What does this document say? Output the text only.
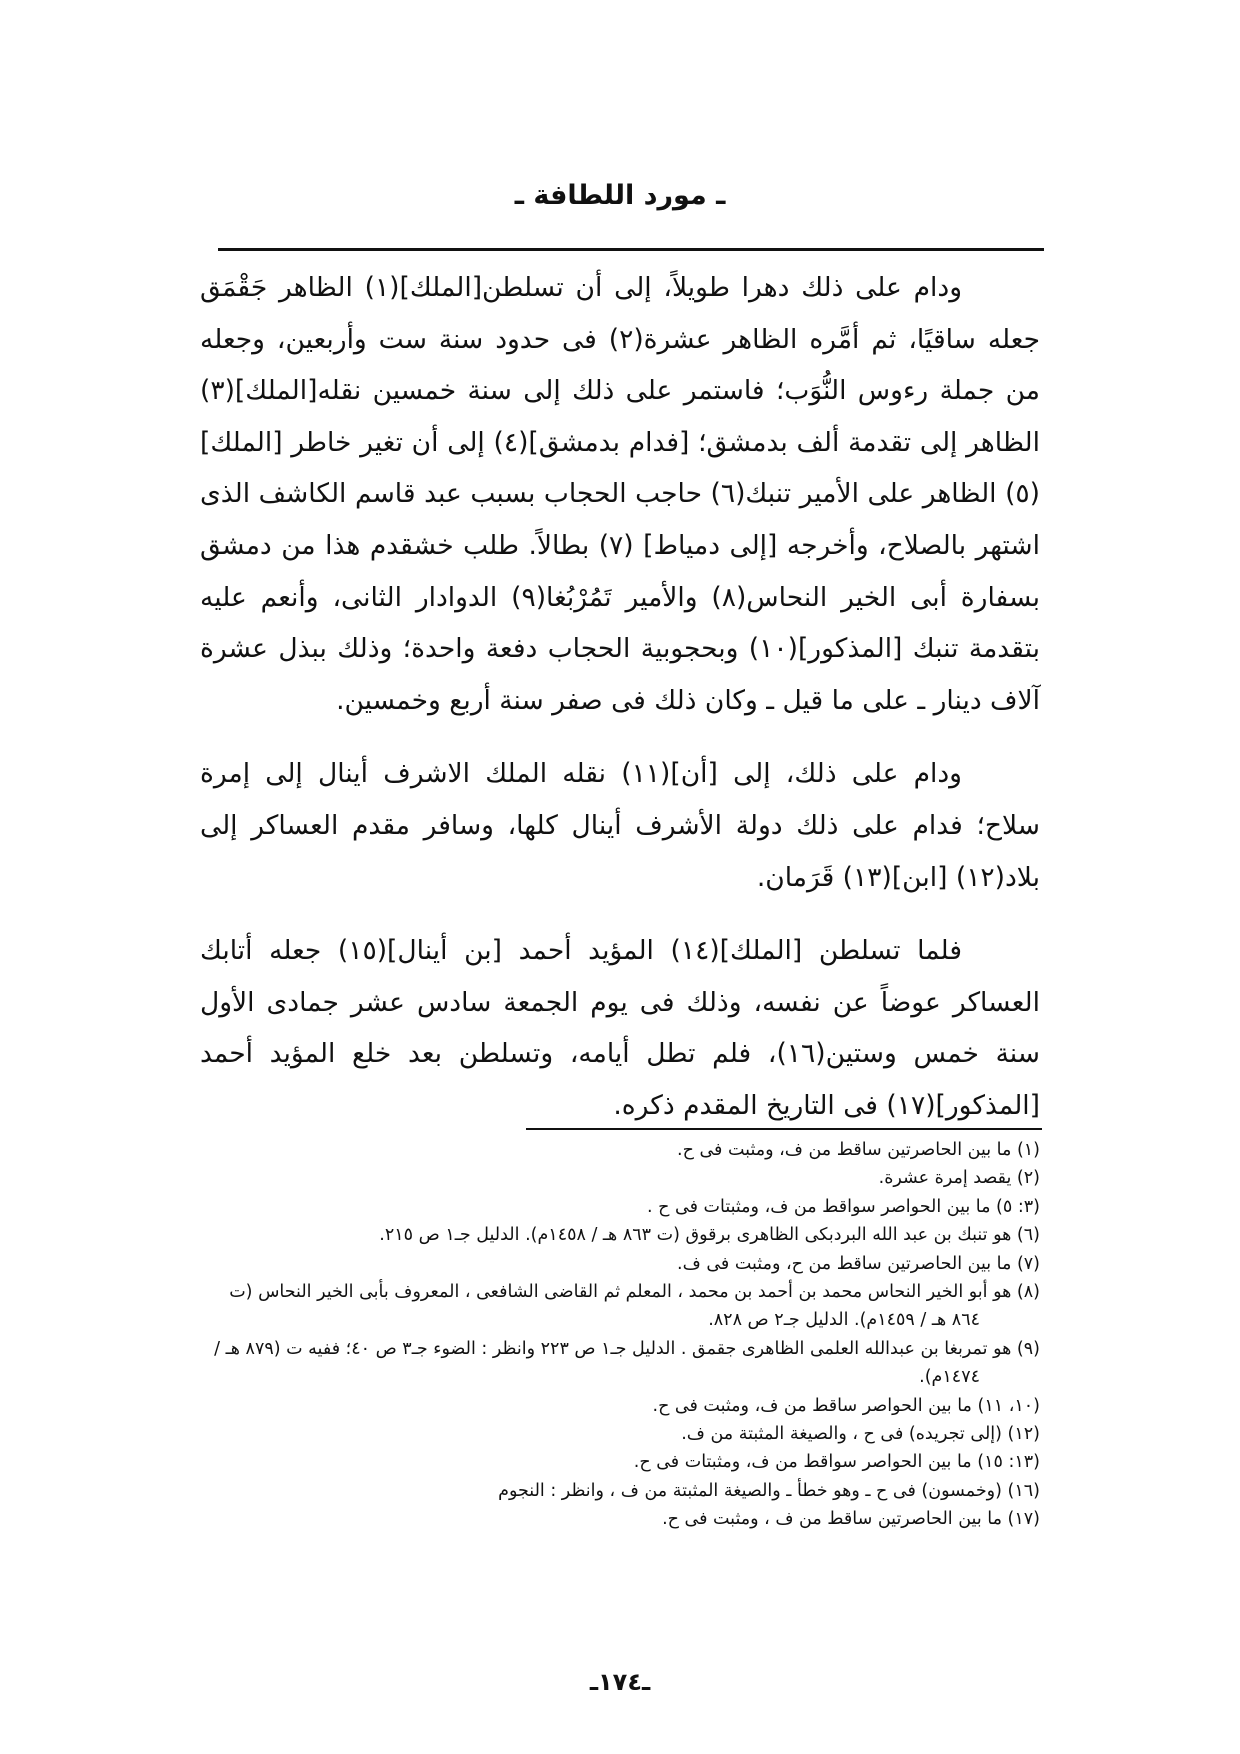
ـ مورد اللطافة ـ

ودام على ذلك دهرا طويلاً، إلى أن تسلطن[الملك](١) الظاهر جَقْمَق جعله ساقيًا، ثم أمَّره الظاهر عشرة(٢) فى حدود سنة ست وأربعين، وجعله من جملة رءوس النُّوَب؛ فاستمر على ذلك إلى سنة خمسين نقله[الملك](٣) الظاهر إلى تقدمة ألف بدمشق؛ [فدام بدمشق](٤) إلى أن تغير خاطر [الملك](٥) الظاهر على الأمير تنبك(٦) حاجب الحجاب بسبب عبد قاسم الكاشف الذى اشتهر بالصلاح، وأخرجه [إلى دمياط] (٧) بطالاً. طلب خشقدم هذا من دمشق بسفارة أبى الخير النحاس(٨) والأمير تَمُرْبُغا(٩) الدوادار الثانى، وأنعم عليه بتقدمة تنبك [المذكور](١٠) وبحجوبية الحجاب دفعة واحدة؛ وذلك ببذل عشرة آلاف دينار ـ على ما قيل ـ وكان ذلك فى صفر سنة أربع وخمسين.

ودام على ذلك، إلى [أن](١١) نقله الملك الاشرف أينال إلى إمرة سلاح؛ فدام على ذلك دولة الأشرف أينال كلها، وسافر مقدم العساكر إلى بلاد(١٢) [ابن](١٣) قَرَمان.

فلما تسلطن [الملك](١٤) المؤيد أحمد [بن أينال](١٥) جعله أتابك العساكر عوضاً عن نفسه، وذلك فى يوم الجمعة سادس عشر جمادى الأول سنة خمس وستين(١٦)، فلم تطل أيامه، وتسلطن بعد خلع المؤيد أحمد [المذكور](١٧) فى التاريخ المقدم ذكره.

(١) ما بين الحاصرتين ساقط من ف، ومثبت فى ح.
(٢) يقصد إمرة عشرة.
(٣: ٥) ما بين الحواصر سواقط من ف، ومثبتات فى ح .
(٦) هو تنبك بن عبد الله البردبكى الظاهرى برقوق (ت ٨٦٣ هـ / ١٤٥٨م). الدليل جـ١ ص ٢١٥.
(٧) ما بين الحاصرتين ساقط من ح، ومثبت فى ف.
(٨) هو أبو الخير النحاس محمد بن أحمد بن محمد ، المعلم ثم القاضى الشافعى ، المعروف بأبى الخير النحاس (ت ٨٦٤ هـ / ١٤٥٩م). الدليل جـ٢ ص ٨٢٨.
(٩) هو تمربغا بن عبدالله العلمى الظاهرى جقمق . الدليل جـ١ ص ٢٢٣ وانظر : الضوء جـ٣ ص ٤٠؛ ففيه ت (٨٧٩ هـ / ١٤٧٤م).
(١٠، ١١) ما بين الحواصر ساقط من ف، ومثبت فى ح.
(١٢) (إلى تجريده) فى ح ، والصيغة المثبتة من ف.
(١٣: ١٥) ما بين الحواصر سواقط من ف، ومثبتات فى ح.
(١٦) (وخمسون) فى ح ـ وهو خطأ ـ والصيغة المثبتة من ف ، وانظر : النجوم
(١٧) ما بين الحاصرتين ساقط من ف ، ومثبت فى ح.
ـ١٧٤ـ
